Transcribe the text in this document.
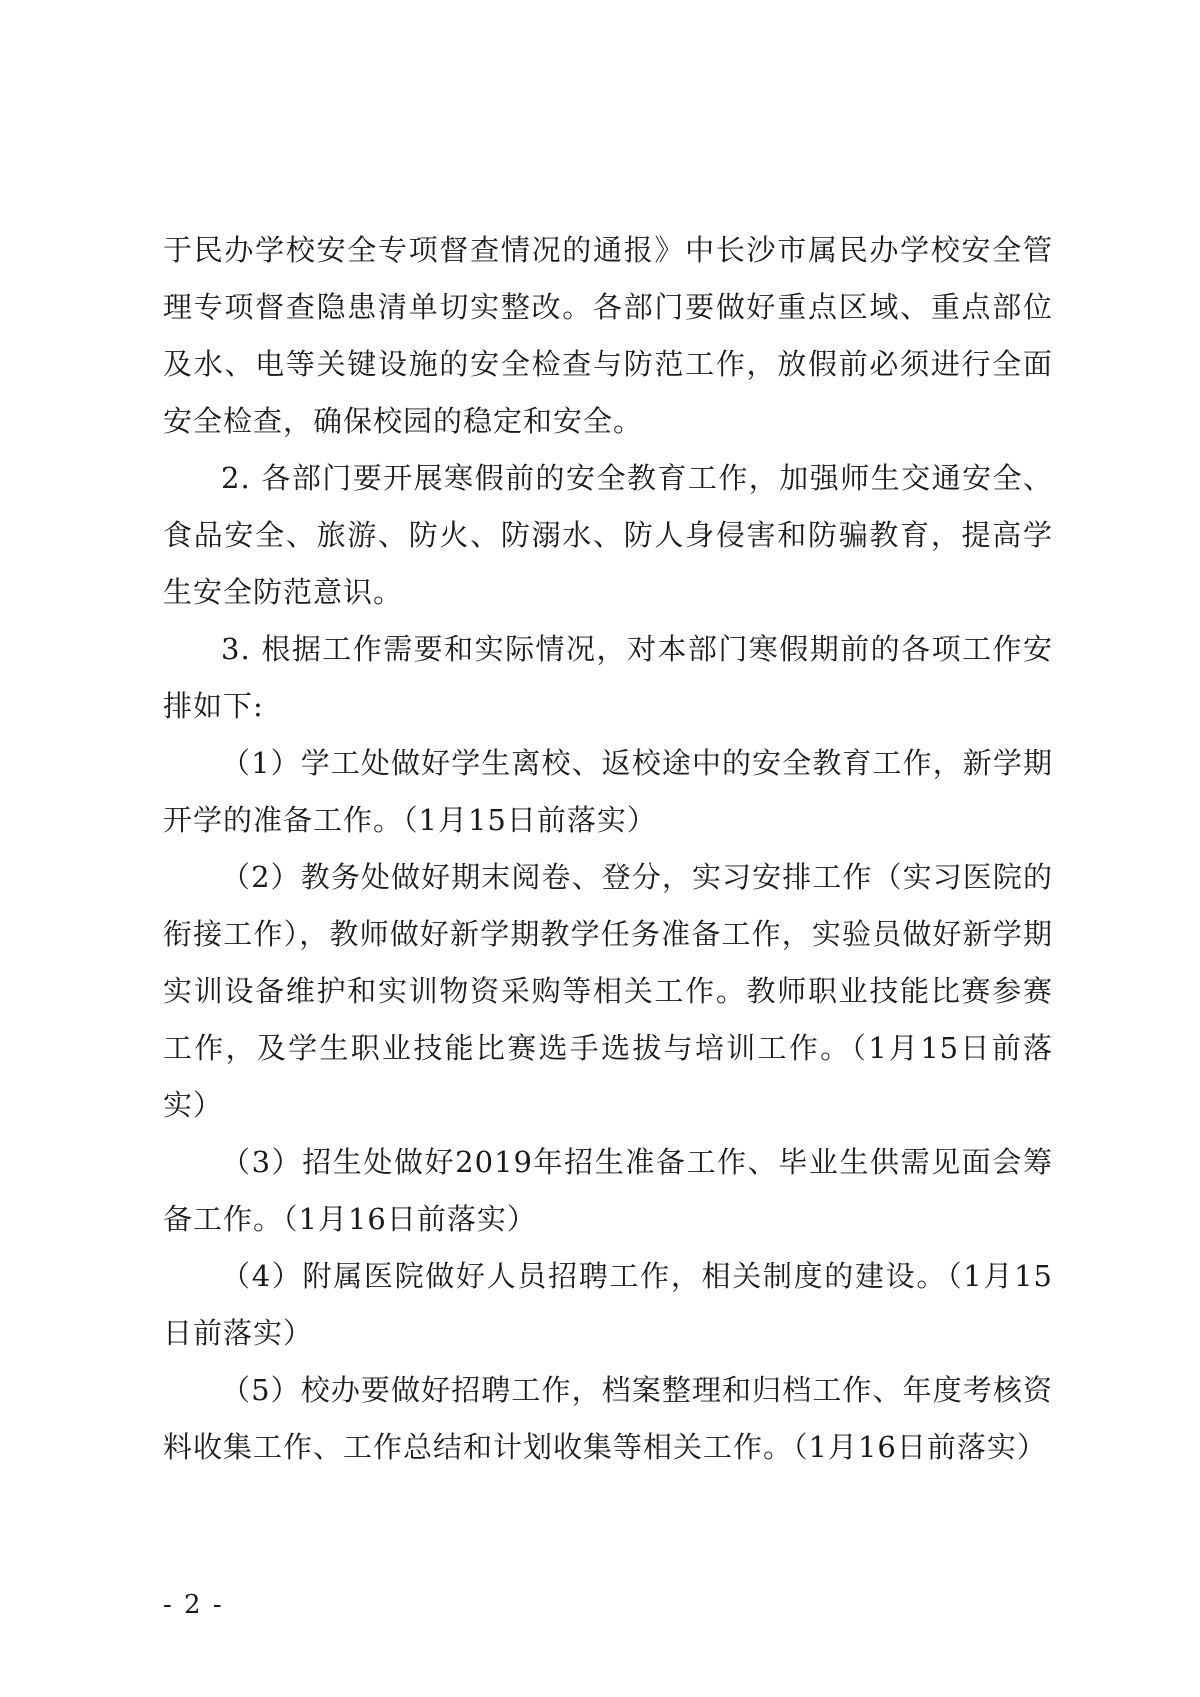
于民办学校安全专项督查情况的通报》中长沙市属民办学校安全管理专项督查隐患清单切实整改。各部门要做好重点区域、重点部位及水、电等关键设施的安全检查与防范工作，放假前必须进行全面安全检查，确保校园的稳定和安全。

2. 各部门要开展寒假前的安全教育工作，加强师生交通安全、食品安全、旅游、防火、防溺水、防人身侵害和防骗教育，提高学生安全防范意识。

3. 根据工作需要和实际情况，对本部门寒假期前的各项工作安排如下:

（1）学工处做好学生离校、返校途中的安全教育工作，新学期开学的准备工作。（1月15日前落实）

（2）教务处做好期末阅卷、登分，实习安排工作（实习医院的衔接工作），教师做好新学期教学任务准备工作，实验员做好新学期实训设备维护和实训物资采购等相关工作。教师职业技能比赛参赛工作，及学生职业技能比赛选手选拔与培训工作。（1月15日前落实）

（3）招生处做好2019年招生准备工作、毕业生供需见面会筹备工作。（1月16日前落实）

（4）附属医院做好人员招聘工作，相关制度的建设。（1月15日前落实）

（5）校办要做好招聘工作，档案整理和归档工作、年度考核资料收集工作、工作总结和计划收集等相关工作。（1月16日前落实）

- 2 -
